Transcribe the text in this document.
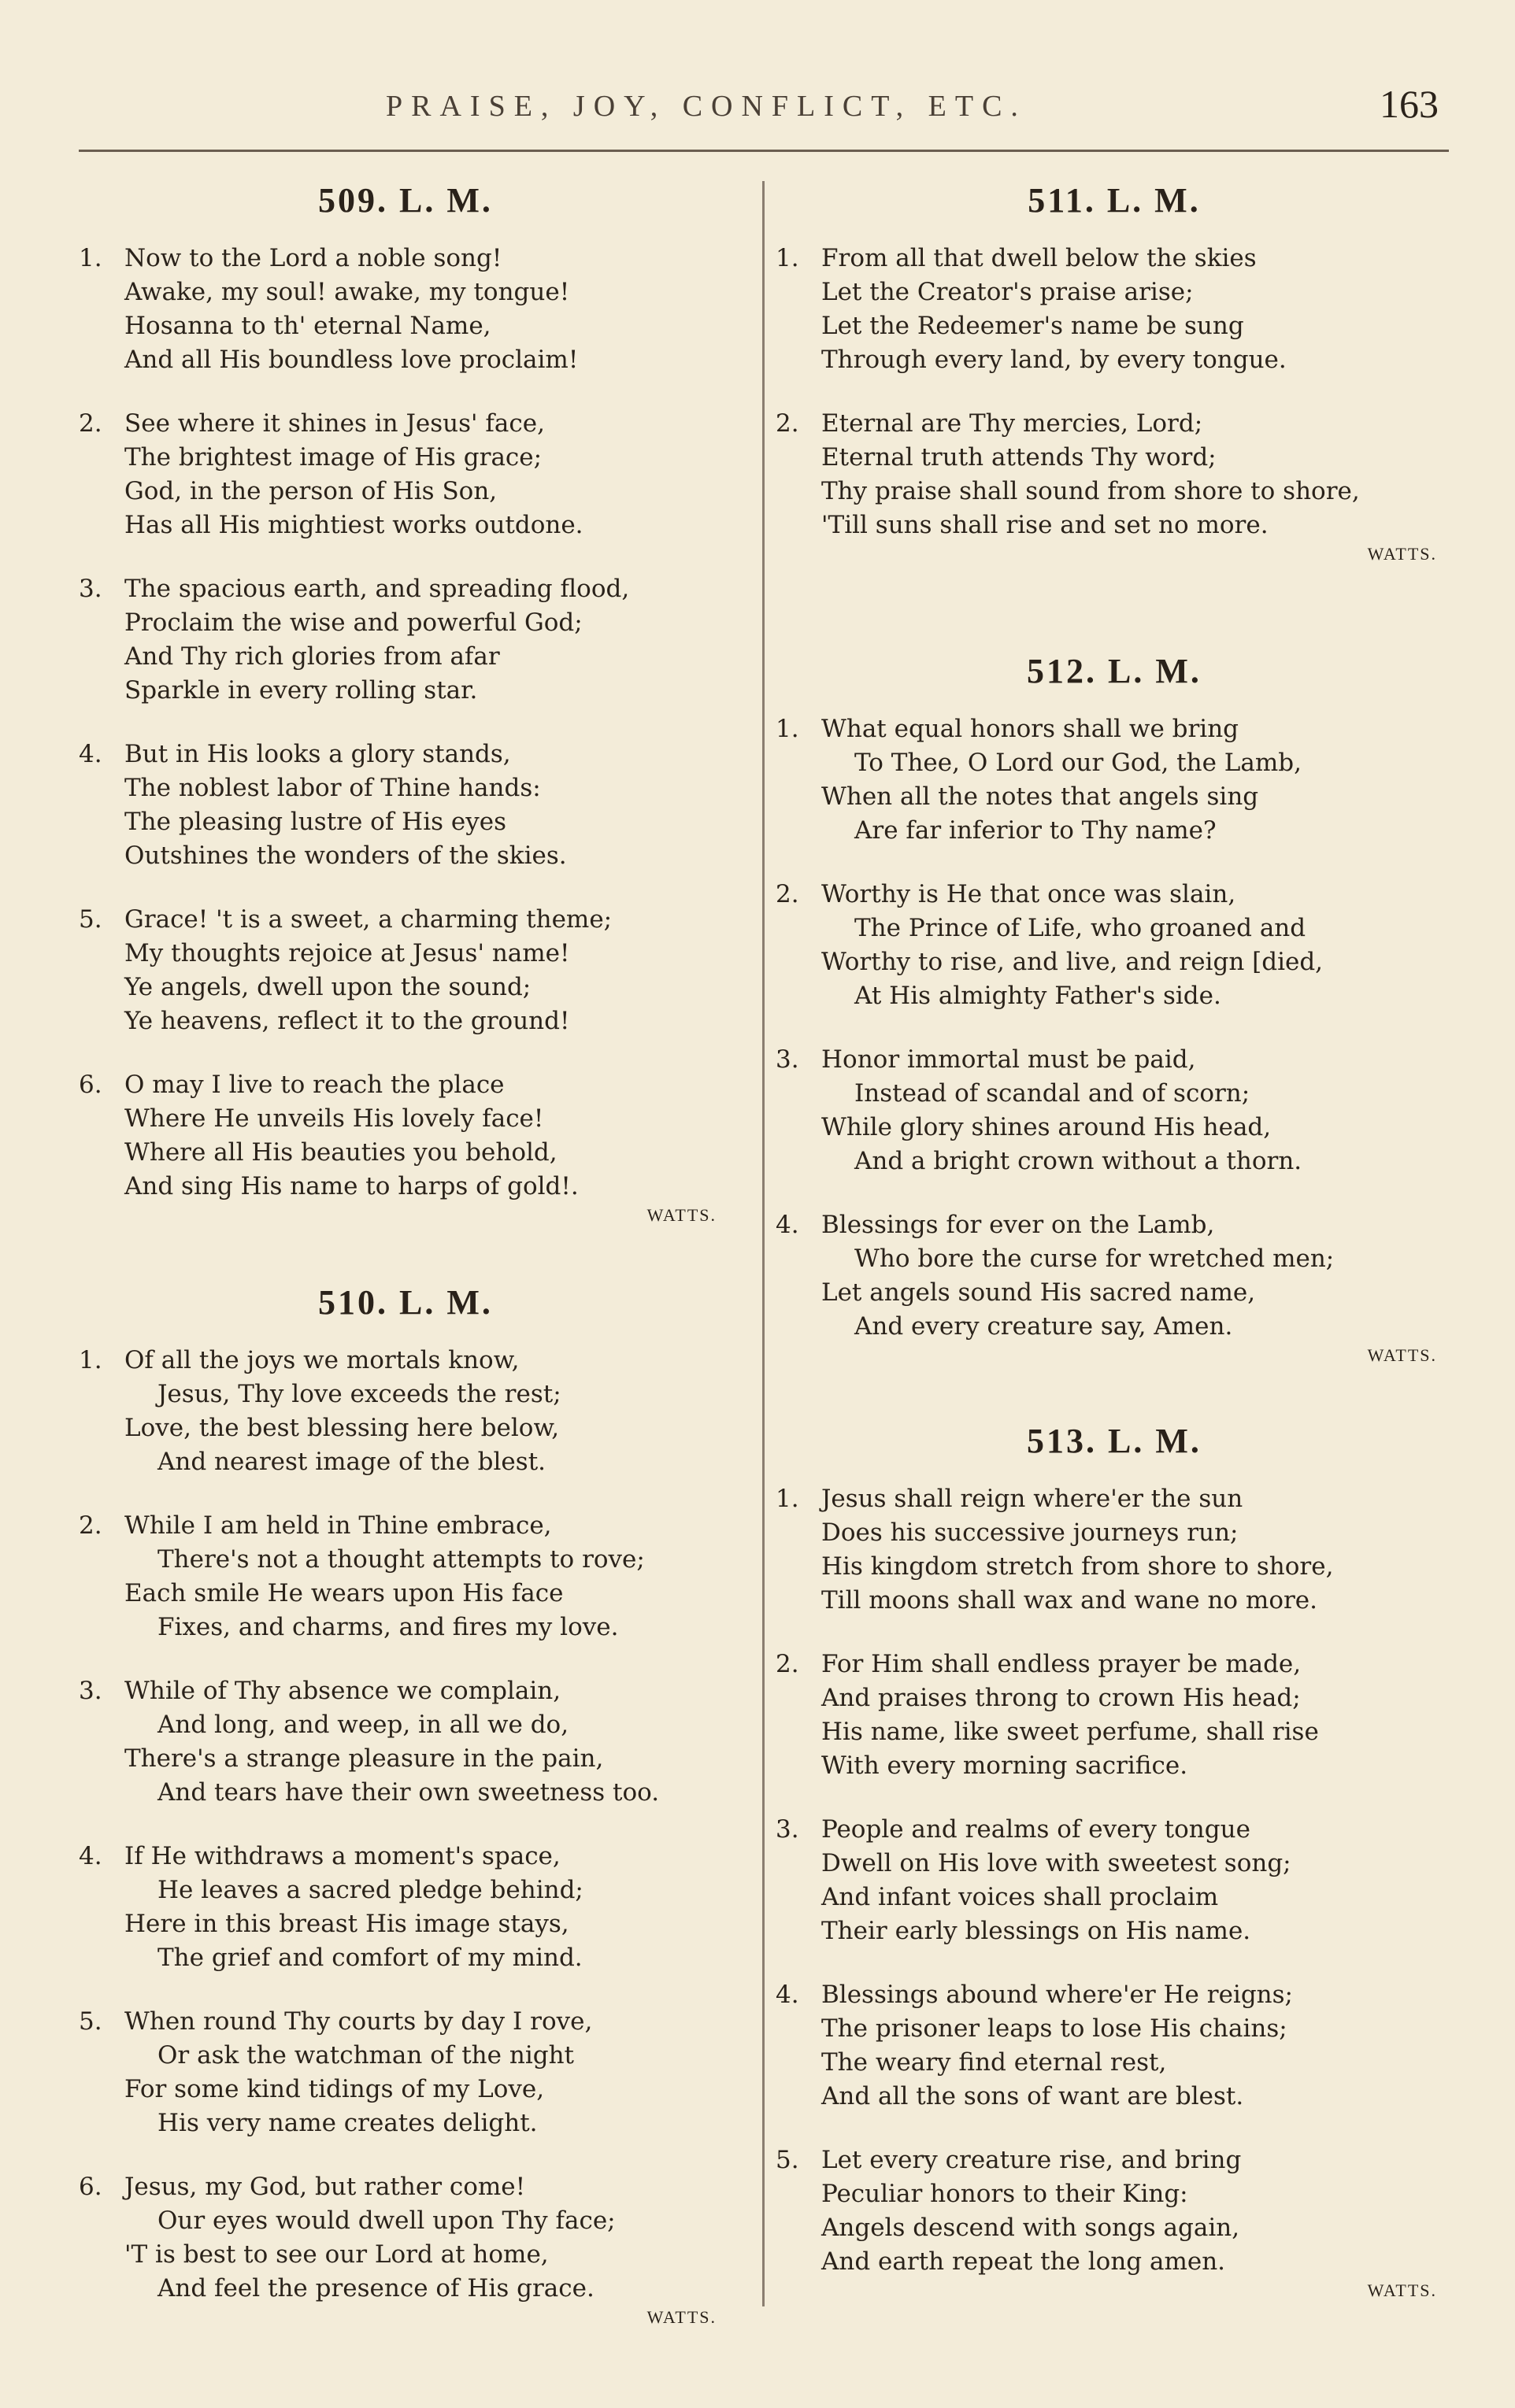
PRAISE, JOY, CONFLICT, ETC.	163
509. L. M.
1. Now to the Lord a noble song!
Awake, my soul! awake, my tongue!
Hosanna to th' eternal Name,
And all His boundless love proclaim!
2. See where it shines in Jesus' face,
The brightest image of His grace;
God, in the person of His Son,
Has all His mightiest works outdone.
3. The spacious earth, and spreading flood,
Proclaim the wise and powerful God;
And Thy rich glories from afar
Sparkle in every rolling star.
4. But in His looks a glory stands,
The noblest labor of Thine hands:
The pleasing lustre of His eyes
Outshines the wonders of the skies.
5. Grace! 't is a sweet, a charming theme;
My thoughts rejoice at Jesus' name!
Ye angels, dwell upon the sound;
Ye heavens, reflect it to the ground!
6. O may I live to reach the place
Where He unveils His lovely face!
Where all His beauties you behold,
And sing His name to harps of gold!.
WATTS.
510. L. M.
1. Of all the joys we mortals know,
Jesus, Thy love exceeds the rest;
Love, the best blessing here below,
And nearest image of the blest.
2. While I am held in Thine embrace,
There's not a thought attempts to rove;
Each smile He wears upon His face
Fixes, and charms, and fires my love.
3. While of Thy absence we complain,
And long, and weep, in all we do,
There's a strange pleasure in the pain,
And tears have their own sweetness too.
4. If He withdraws a moment's space,
He leaves a sacred pledge behind;
Here in this breast His image stays,
The grief and comfort of my mind.
5. When round Thy courts by day I rove,
Or ask the watchman of the night
For some kind tidings of my Love,
His very name creates delight.
6. Jesus, my God, but rather come!
Our eyes would dwell upon Thy face;
'T is best to see our Lord at home,
And feel the presence of His grace.
WATTS.
511. L. M.
1. From all that dwell below the skies
Let the Creator's praise arise;
Let the Redeemer's name be sung
Through every land, by every tongue.
2. Eternal are Thy mercies, Lord;
Eternal truth attends Thy word;
Thy praise shall sound from shore to shore,
'Till suns shall rise and set no more.
WATTS.
512. L. M.
1. What equal honors shall we bring
To Thee, O Lord our God, the Lamb,
When all the notes that angels sing
Are far inferior to Thy name?
2. Worthy is He that once was slain,
The Prince of Life, who groaned and
Worthy to rise, and live, and reign [died,
At His almighty Father's side.
3. Honor immortal must be paid,
Instead of scandal and of scorn;
While glory shines around His head,
And a bright crown without a thorn.
4. Blessings for ever on the Lamb,
Who bore the curse for wretched men;
Let angels sound His sacred name,
And every creature say, Amen.
WATTS.
513. L. M.
1. Jesus shall reign where'er the sun
Does his successive journeys run;
His kingdom stretch from shore to shore,
Till moons shall wax and wane no more.
2. For Him shall endless prayer be made,
And praises throng to crown His head;
His name, like sweet perfume, shall rise
With every morning sacrifice.
3. People and realms of every tongue
Dwell on His love with sweetest song;
And infant voices shall proclaim
Their early blessings on His name.
4. Blessings abound where'er He reigns;
The prisoner leaps to lose His chains;
The weary find eternal rest,
And all the sons of want are blest.
5. Let every creature rise, and bring
Peculiar honors to their King:
Angels descend with songs again,
And earth repeat the long amen.
WATTS.
